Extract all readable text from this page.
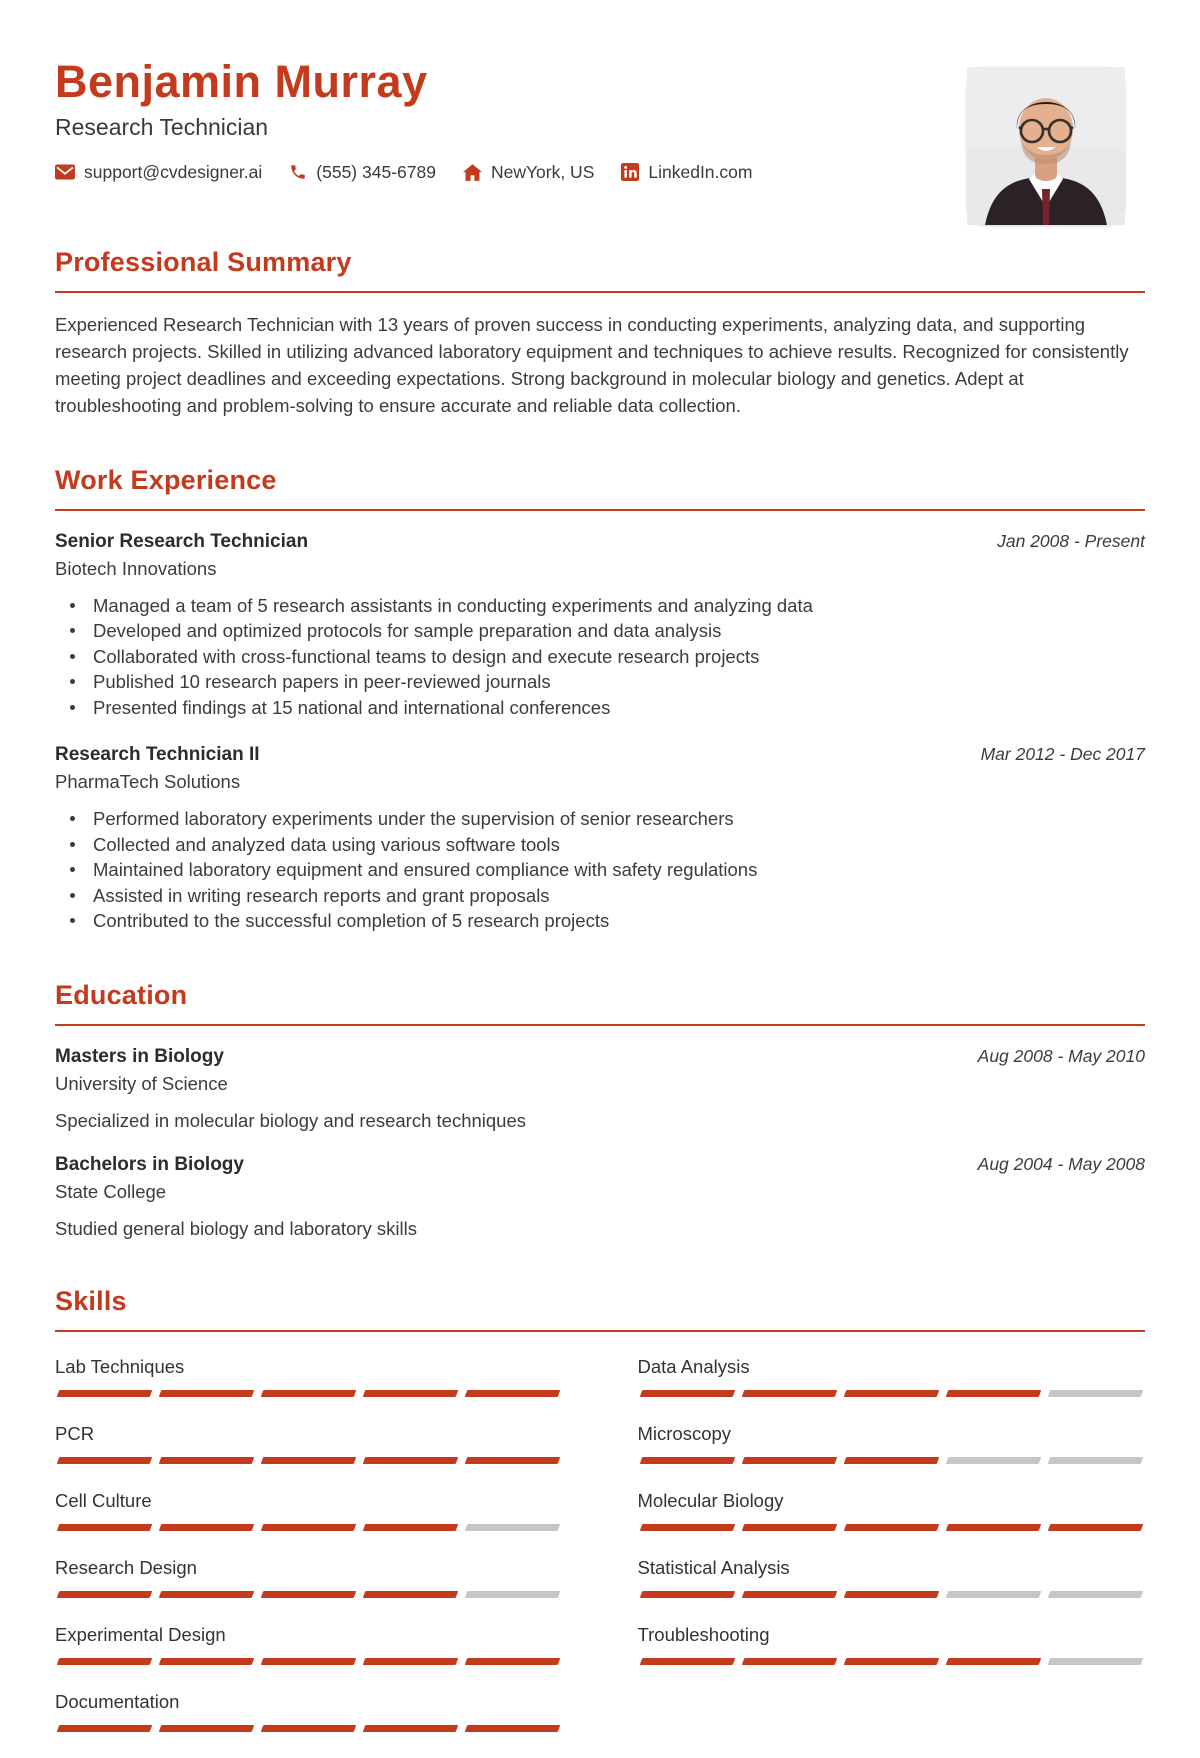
Benjamin Murray
Research Technician
support@cvdesigner.ai	(555) 345-6789	NewYork, US	LinkedIn.com
Professional Summary

Experienced Research Technician with 13 years of proven success in conducting experiments, analyzing data, and supporting research projects. Skilled in utilizing advanced laboratory equipment and techniques to achieve results. Recognized for consistently meeting project deadlines and exceeding expectations. Strong background in molecular biology and genetics. Adept at troubleshooting and problem-solving to ensure accurate and reliable data collection.

Work Experience
Senior Research Technician	Jan 2008 - Present
Biotech Innovations
Managed a team of 5 research assistants in conducting experiments and analyzing data
Developed and optimized protocols for sample preparation and data analysis
Collaborated with cross-functional teams to design and execute research projects
Published 10 research papers in peer-reviewed journals
Presented findings at 15 national and international conferences
Research Technician II	Mar 2012 - Dec 2017
PharmaTech Solutions
Performed laboratory experiments under the supervision of senior researchers
Collected and analyzed data using various software tools
Maintained laboratory equipment and ensured compliance with safety regulations
Assisted in writing research reports and grant proposals
Contributed to the successful completion of 5 research projects
Education
Masters in Biology	Aug 2008 - May 2010
University of Science
Specialized in molecular biology and research techniques
Bachelors in Biology	Aug 2004 - May 2008
State College
Studied general biology and laboratory skills
Skills
Lab Techniques
PCR
Cell Culture
Research Design
Experimental Design
Documentation
Data Analysis
Microscopy
Molecular Biology
Statistical Analysis
Troubleshooting
